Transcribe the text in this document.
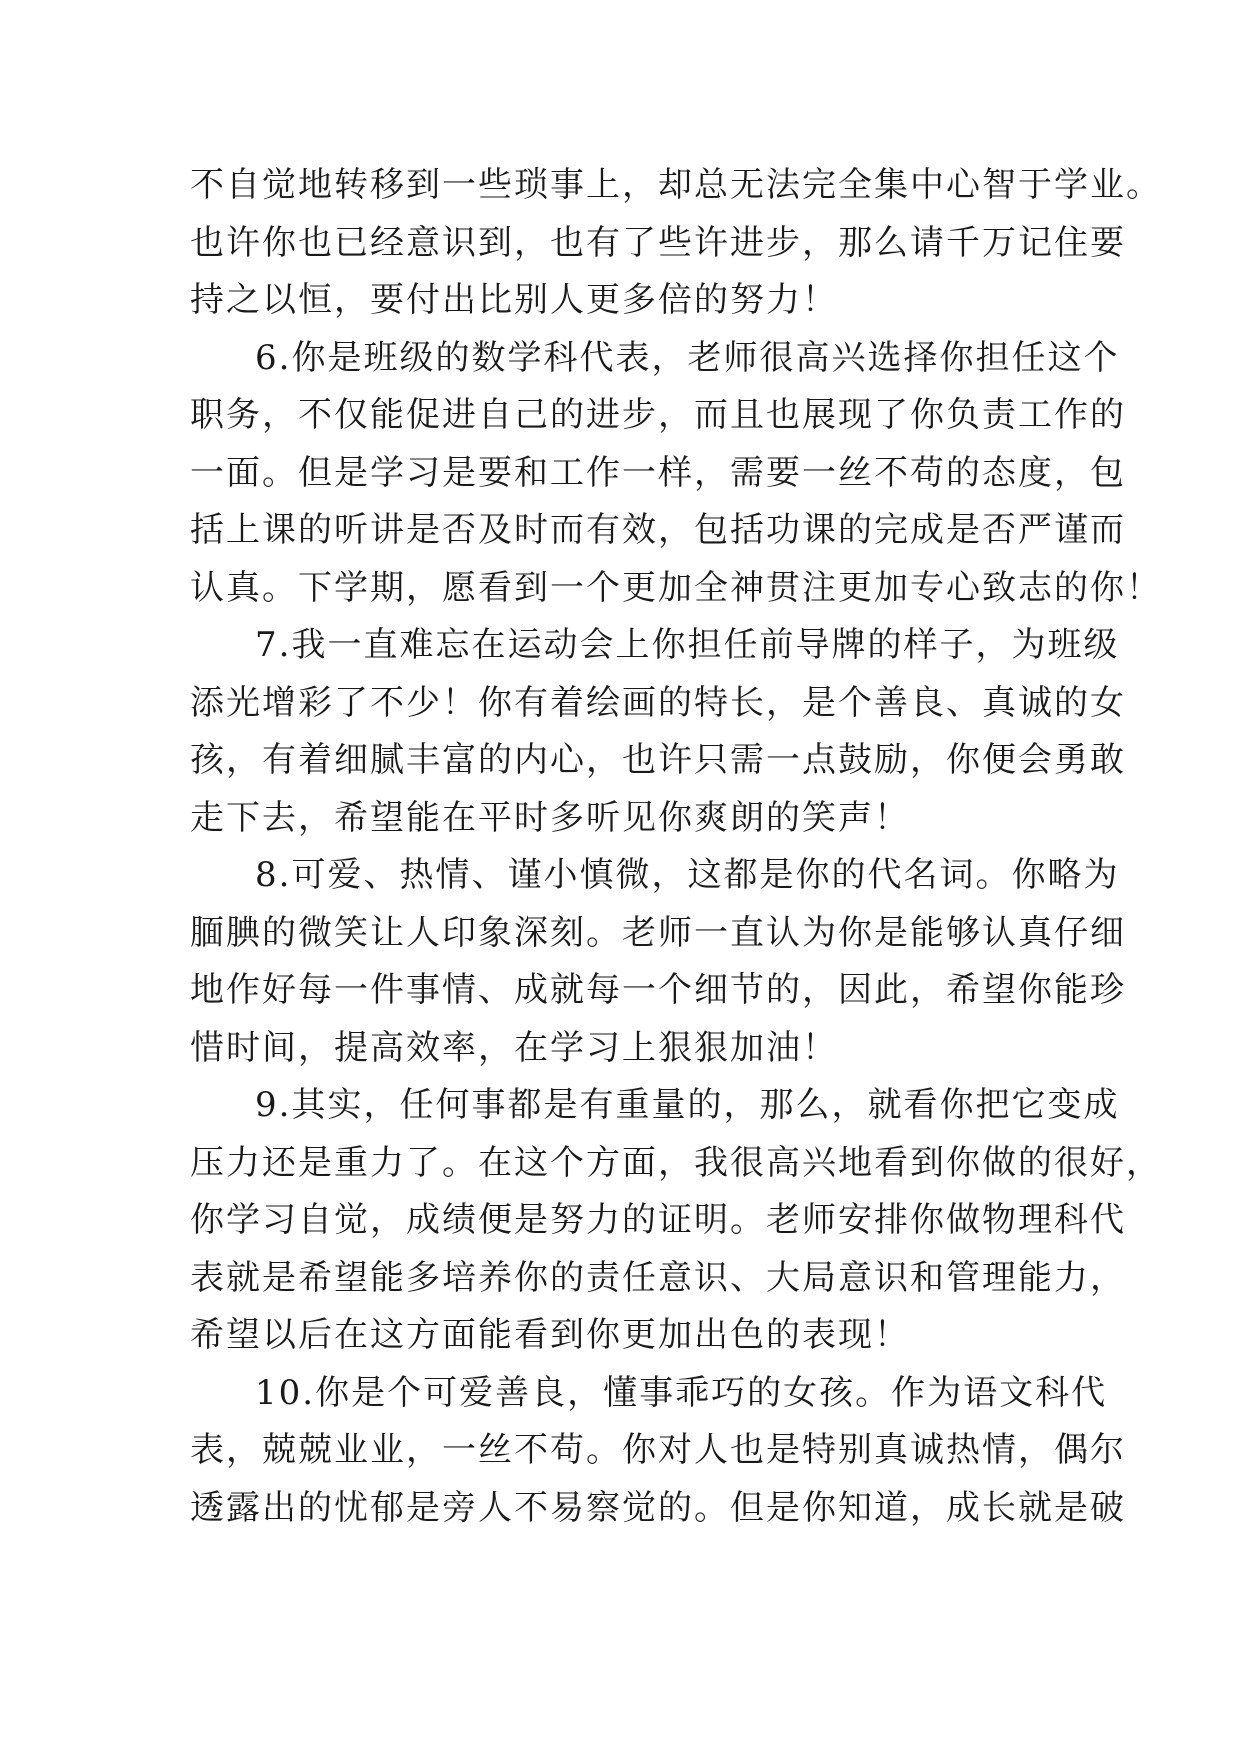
不自觉地转移到一些琐事上，却总无法完全集中心智于学业。
也许你也已经意识到，也有了些许进步，那么请千万记住要
持之以恒，要付出比别人更多倍的努力！
6.你是班级的数学科代表，老师很高兴选择你担任这个
职务，不仅能促进自己的进步，而且也展现了你负责工作的
一面。但是学习是要和工作一样，需要一丝不苟的态度，包
括上课的听讲是否及时而有效，包括功课的完成是否严谨而
认真。下学期，愿看到一个更加全神贯注更加专心致志的你！
7.我一直难忘在运动会上你担任前导牌的样子，为班级
添光增彩了不少！你有着绘画的特长，是个善良、真诚的女
孩，有着细腻丰富的内心，也许只需一点鼓励，你便会勇敢
走下去，希望能在平时多听见你爽朗的笑声！
8.可爱、热情、谨小慎微，这都是你的代名词。你略为
腼腆的微笑让人印象深刻。老师一直认为你是能够认真仔细
地作好每一件事情、成就每一个细节的，因此，希望你能珍
惜时间，提高效率，在学习上狠狠加油！
9.其实，任何事都是有重量的，那么，就看你把它变成
压力还是重力了。在这个方面，我很高兴地看到你做的很好，
你学习自觉，成绩便是努力的证明。老师安排你做物理科代
表就是希望能多培养你的责任意识、大局意识和管理能力，
希望以后在这方面能看到你更加出色的表现！
10.你是个可爱善良，懂事乖巧的女孩。作为语文科代
表，兢兢业业，一丝不苟。你对人也是特别真诚热情，偶尔
透露出的忧郁是旁人不易察觉的。但是你知道，成长就是破
